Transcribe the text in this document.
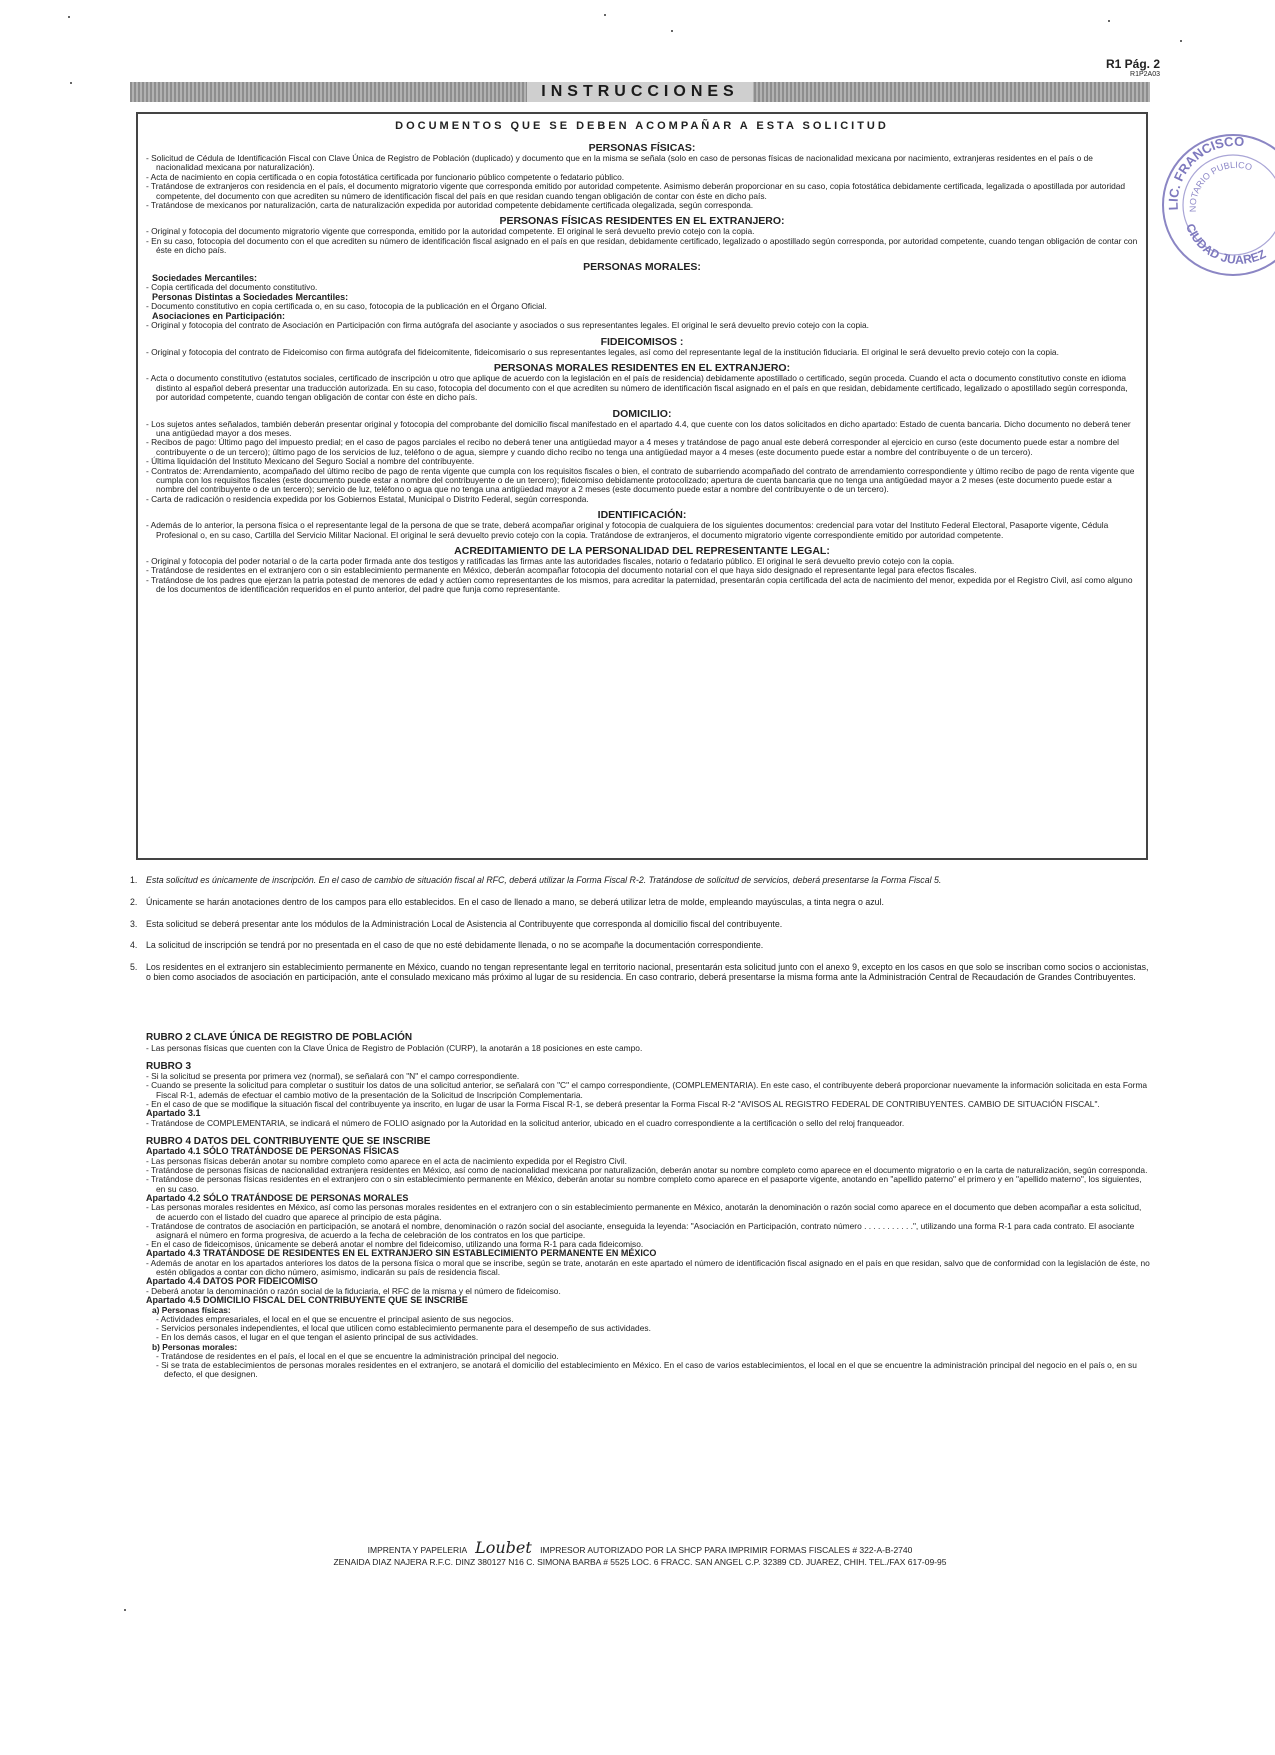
R1 Pág. 2
R1P2A03
INSTRUCCIONES
DOCUMENTOS QUE SE DEBEN ACOMPAÑAR A ESTA SOLICITUD
PERSONAS FÍSICAS:
- Solicitud de Cédula de Identificación Fiscal con Clave Única de Registro de Población (duplicado) y documento que en la misma se señala (solo en caso de personas físicas de nacionalidad mexicana por nacimiento, extranjeras residentes en el país o de nacionalidad mexicana por naturalización).
- Acta de nacimiento en copia certificada o en copia fotostática certificada por funcionario público competente o fedatario público.
- Tratándose de extranjeros con residencia en el país, el documento migratorio vigente que corresponda emitido por autoridad competente. Asimismo deberán proporcionar en su caso, copia fotostática debidamente certificada, legalizada o apostillada por autoridad competente, del documento con que acrediten su número de identificación fiscal del país en que residan cuando tengan obligación de contar con éste en dicho país.
- Tratándose de mexicanos por naturalización, carta de naturalización expedida por autoridad competente debidamente certificada olegalizada, según corresponda.
PERSONAS FÍSICAS RESIDENTES EN EL EXTRANJERO:
- Original y fotocopia del documento migratorio vigente que corresponda, emitido por la autoridad competente. El original le será devuelto previo cotejo con la copia.
- En su caso, fotocopia del documento con el que acrediten su número de identificación fiscal asignado en el país en que residan, debidamente certificado, legalizado o apostillado según corresponda, por autoridad competente, cuando tengan obligación de contar con éste en dicho país.
PERSONAS MORALES:
Sociedades Mercantiles:
- Copia certificada del documento constitutivo.
Personas Distintas a Sociedades Mercantiles:
- Documento constitutivo en copia certificada o, en su caso, fotocopia de la publicación en el Órgano Oficial.
Asociaciones en Participación:
- Original y fotocopia del contrato de Asociación en Participación con firma autógrafa del asociante y asociados o sus representantes legales. El original le será devuelto previo cotejo con la copia.
FIDEICOMISOS :
- Original y fotocopia del contrato de Fideicomiso con firma autógrafa del fideicomitente, fideicomisario o sus representantes legales, así como del representante legal de la institución fiduciaria. El original le será devuelto previo cotejo con la copia.
PERSONAS MORALES RESIDENTES EN EL EXTRANJERO:
- Acta o documento constitutivo (estatutos sociales, certificado de inscripción u otro que aplique de acuerdo con la legislación en el país de residencia) debidamente apostillado o certificado, según proceda. Cuando el acta o documento constitutivo conste en idioma distinto al español deberá presentar una traducción autorizada. En su caso, fotocopia del documento con el que acrediten su número de identificación fiscal asignado en el país en que residan, debidamente certificado, legalizado o apostillado según corresponda, por autoridad competente, cuando tengan obligación de contar con éste en dicho país.
DOMICILIO:
- Los sujetos antes señalados, también deberán presentar original y fotocopia del comprobante del domicilio fiscal manifestado en el apartado 4.4, que cuente con los datos solicitados en dicho apartado: Estado de cuenta bancaria. Dicho documento no deberá tener una antigüedad mayor a dos meses.
- Recibos de pago: Último pago del impuesto predial; en el caso de pagos parciales el recibo no deberá tener una antigüedad mayor a 4 meses y tratándose de pago anual este deberá corresponder al ejercicio en curso (este documento puede estar a nombre del contribuyente o de un tercero); último pago de los servicios de luz, teléfono o de agua, siempre y cuando dicho recibo no tenga una antigüedad mayor a 4 meses (este documento puede estar a nombre del contribuyente o de un tercero).
- Última liquidación del Instituto Mexicano del Seguro Social a nombre del contribuyente.
- Contratos de: Arrendamiento, acompañado del último recibo de pago de renta vigente que cumpla con los requisitos fiscales o bien, el contrato de subarriendo acompañado del contrato de arrendamiento correspondiente y último recibo de pago de renta vigente que cumpla con los requisitos fiscales (este documento puede estar a nombre del contribuyente o de un tercero); fideicomiso debidamente protocolizado; apertura de cuenta bancaria que no tenga una antigüedad mayor a 2 meses (este documento puede estar a nombre del contribuyente o de un tercero); servicio de luz, teléfono o agua que no tenga una antigüedad mayor a 2 meses (este documento puede estar a nombre del contribuyente o de un tercero).
- Carta de radicación o residencia expedida por los Gobiernos Estatal, Municipal o Distrito Federal, según corresponda.
IDENTIFICACIÓN:
- Además de lo anterior, la persona física o el representante legal de la persona de que se trate, deberá acompañar original y fotocopia de cualquiera de los siguientes documentos: credencial para votar del Instituto Federal Electoral, Pasaporte vigente, Cédula Profesional o, en su caso, Cartilla del Servicio Militar Nacional. El original le será devuelto previo cotejo con la copia. Tratándose de extranjeros, el documento migratorio vigente correspondiente emitido por autoridad competente.
ACREDITAMIENTO DE LA PERSONALIDAD DEL REPRESENTANTE LEGAL:
- Original y fotocopia del poder notarial o de la carta poder firmada ante dos testigos y ratificadas las firmas ante las autoridades fiscales, notario o fedatario público. El original le será devuelto previo cotejo con la copia.
- Tratándose de residentes en el extranjero con o sin establecimiento permanente en México, deberán acompañar fotocopia del documento notarial con el que haya sido designado el representante legal para efectos fiscales.
- Tratándose de los padres que ejerzan la patria potestad de menores de edad y actúen como representantes de los mismos, para acreditar la paternidad, presentarán copia certificada del acta de nacimiento del menor, expedida por el Registro Civil, así como alguno de los documentos de identificación requeridos en el punto anterior, del padre que funja como representante.
1. Esta solicitud es únicamente de inscripción. En el caso de cambio de situación fiscal al RFC, deberá utilizar la Forma Fiscal R-2. Tratándose de solicitud de servicios, deberá presentarse la Forma Fiscal 5.
2. Únicamente se harán anotaciones dentro de los campos para ello establecidos. En el caso de llenado a mano, se deberá utilizar letra de molde, empleando mayúsculas, a tinta negra o azul.
3. Esta solicitud se deberá presentar ante los módulos de la Administración Local de Asistencia al Contribuyente que corresponda al domicilio fiscal del contribuyente.
4. La solicitud de inscripción se tendrá por no presentada en el caso de que no esté debidamente llenada, o no se acompañe la documentación correspondiente.
5. Los residentes en el extranjero sin establecimiento permanente en México, cuando no tengan representante legal en territorio nacional, presentarán esta solicitud junto con el anexo 9, excepto en los casos en que solo se inscriban como socios o accionistas, o bien como asociados de asociación en participación, ante el consulado mexicano más próximo al lugar de su residencia. En caso contrario, deberá presentarse la misma forma ante la Administración Central de Recaudación de Grandes Contribuyentes.
RUBRO 2 CLAVE ÚNICA DE REGISTRO DE POBLACIÓN
- Las personas físicas que cuenten con la Clave Única de Registro de Población (CURP), la anotarán a 18 posiciones en este campo.
RUBRO 3
- Si la solicitud se presenta por primera vez (normal), se señalará con "N" el campo correspondiente.
- Cuando se presente la solicitud para completar o sustituir los datos de una solicitud anterior, se señalará con "C" el campo correspondiente, (COMPLEMENTARIA). En este caso, el contribuyente deberá proporcionar nuevamente la información solicitada en esta Forma Fiscal R-1, además de efectuar el cambio motivo de la presentación de la Solicitud de Inscripción Complementaria.
- En el caso de que se modifique la situación fiscal del contribuyente ya inscrito, en lugar de usar la Forma Fiscal R-1, se deberá presentar la Forma Fiscal R-2 "AVISOS AL REGISTRO FEDERAL DE CONTRIBUYENTES. CAMBIO DE SITUACIÓN FISCAL".
Apartado 3.1
- Tratándose de COMPLEMENTARIA, se indicará el número de FOLIO asignado por la Autoridad en la solicitud anterior, ubicado en el cuadro correspondiente a la certificación o sello del reloj franqueador.
RUBRO 4 DATOS DEL CONTRIBUYENTE QUE SE INSCRIBE
Apartado 4.1 SÓLO TRATÁNDOSE DE PERSONAS FÍSICAS
- Las personas físicas deberán anotar su nombre completo como aparece en el acta de nacimiento expedida por el Registro Civil.
- Tratándose de personas físicas de nacionalidad extranjera residentes en México, así como de nacionalidad mexicana por naturalización, deberán anotar su nombre completo como aparece en el documento migratorio o en la carta de naturalización, según corresponda.
- Tratándose de personas físicas residentes en el extranjero con o sin establecimiento permanente en México, deberán anotar su nombre completo como aparece en el pasaporte vigente, anotando en "apellido paterno" el primero y en "apellido materno", los siguientes, en su caso.
Apartado 4.2 SÓLO TRATÁNDOSE DE PERSONAS MORALES
- Las personas morales residentes en México, así como las personas morales residentes en el extranjero con o sin establecimiento permanente en México, anotarán la denominación o razón social como aparece en el documento que deben acompañar a esta solicitud, de acuerdo con el listado del cuadro que aparece al principio de esta página.
- Tratándose de contratos de asociación en participación, se anotará el nombre, denominación o razón social del asociante, enseguida la leyenda: "Asociación en Participación, contrato número . . . . . . . . . . .", utilizando una forma R-1 para cada contrato. El asociante asignará el número en forma progresiva, de acuerdo a la fecha de celebración de los contratos en los que participe.
- En el caso de fideicomisos, únicamente se deberá anotar el nombre del fideicomiso, utilizando una forma R-1 para cada fideicomiso.
Apartado 4.3 TRATÁNDOSE DE RESIDENTES EN EL EXTRANJERO SIN ESTABLECIMIENTO PERMANENTE EN MÉXICO
- Además de anotar en los apartados anteriores los datos de la persona física o moral que se inscribe, según se trate, anotarán en este apartado el número de identificación fiscal asignado en el país en que residan, salvo que de conformidad con la legislación de éste, no estén obligados a contar con dicho número, asimismo, indicarán su país de residencia fiscal.
Apartado 4.4 DATOS POR FIDEICOMISO
- Deberá anotar la denominación o razón social de la fiduciaria, el RFC de la misma y el número de fideicomiso.
Apartado 4.5 DOMICILIO FISCAL DEL CONTRIBUYENTE QUE SE INSCRIBE
a) Personas físicas:
- Actividades empresariales, el local en el que se encuentre el principal asiento de sus negocios.
- Servicios personales independientes, el local que utilicen como establecimiento permanente para el desempeño de sus actividades.
- En los demás casos, el lugar en el que tengan el asiento principal de sus actividades.
b) Personas morales:
- Tratándose de residentes en el país, el local en el que se encuentre la administración principal del negocio.
- Si se trata de establecimientos de personas morales residentes en el extranjero, se anotará el domicilio del establecimiento en México. En el caso de varios establecimientos, el local en el que se encuentre la administración principal del negocio en el país o, en su defecto, el que designen.
IMPRENTA Y PAPELERIA Loubet IMPRESOR AUTORIZADO POR LA SHCP PARA IMPRIMIR FORMAS FISCALES # 322-A-B-2740
ZENAIDA DIAZ NAJERA R.F.C. DINZ 380127 N16 C. SIMONA BARBA # 5525 LOC. 6 FRACC. SAN ANGEL C.P. 32389 CD. JUAREZ, CHIH. TEL./FAX 617-09-95
LIC. FRANCISCO
NOTARIO PUBLICO
CIUDAD JUAREZ
